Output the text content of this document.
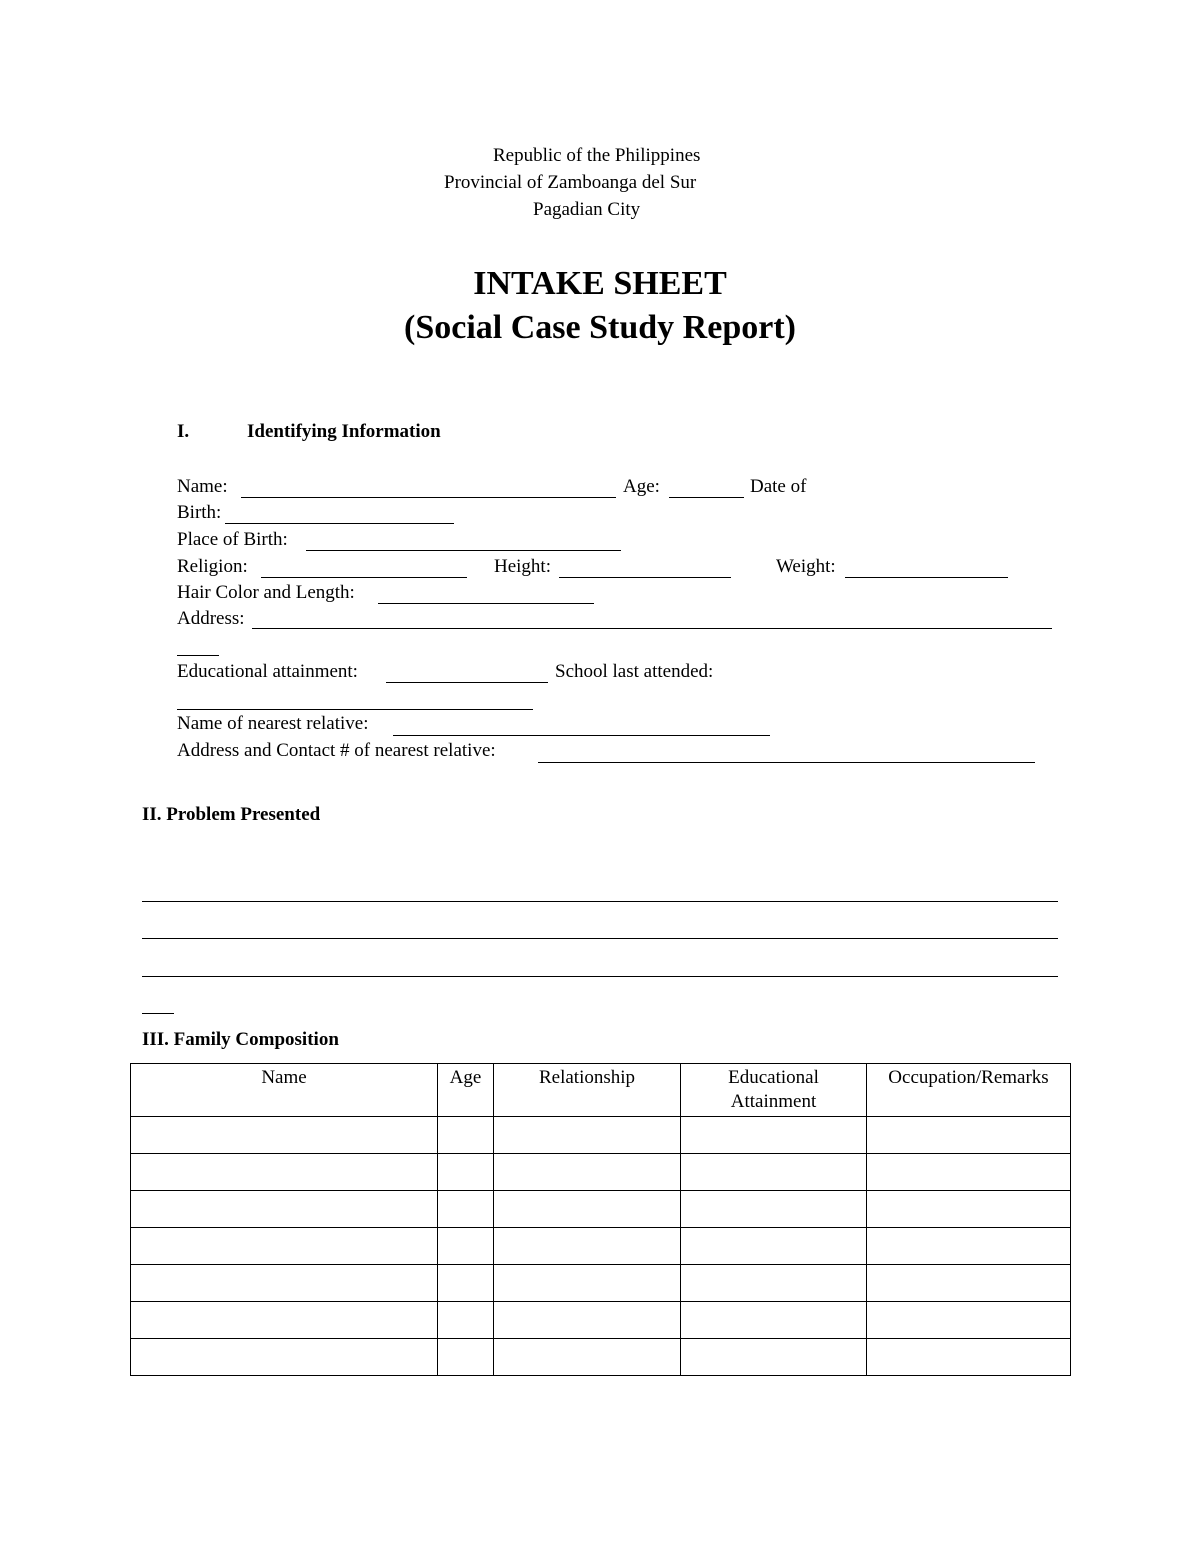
Republic of the Philippines
Provincial of Zamboanga del Sur
Pagadian City
INTAKE SHEET
(Social Case Study Report)
I.	Identifying Information
Name:	Age:	Date of
Birth:
Place of Birth:
Religion:	Height:	Weight:
Hair Color and Length:
Address:
Educational attainment:	School last attended:
Name of nearest relative:
Address and Contact # of nearest relative:
II. Problem Presented
III. Family Composition
Name	Age	Relationship	Educational Attainment	Occupation/Remarks
